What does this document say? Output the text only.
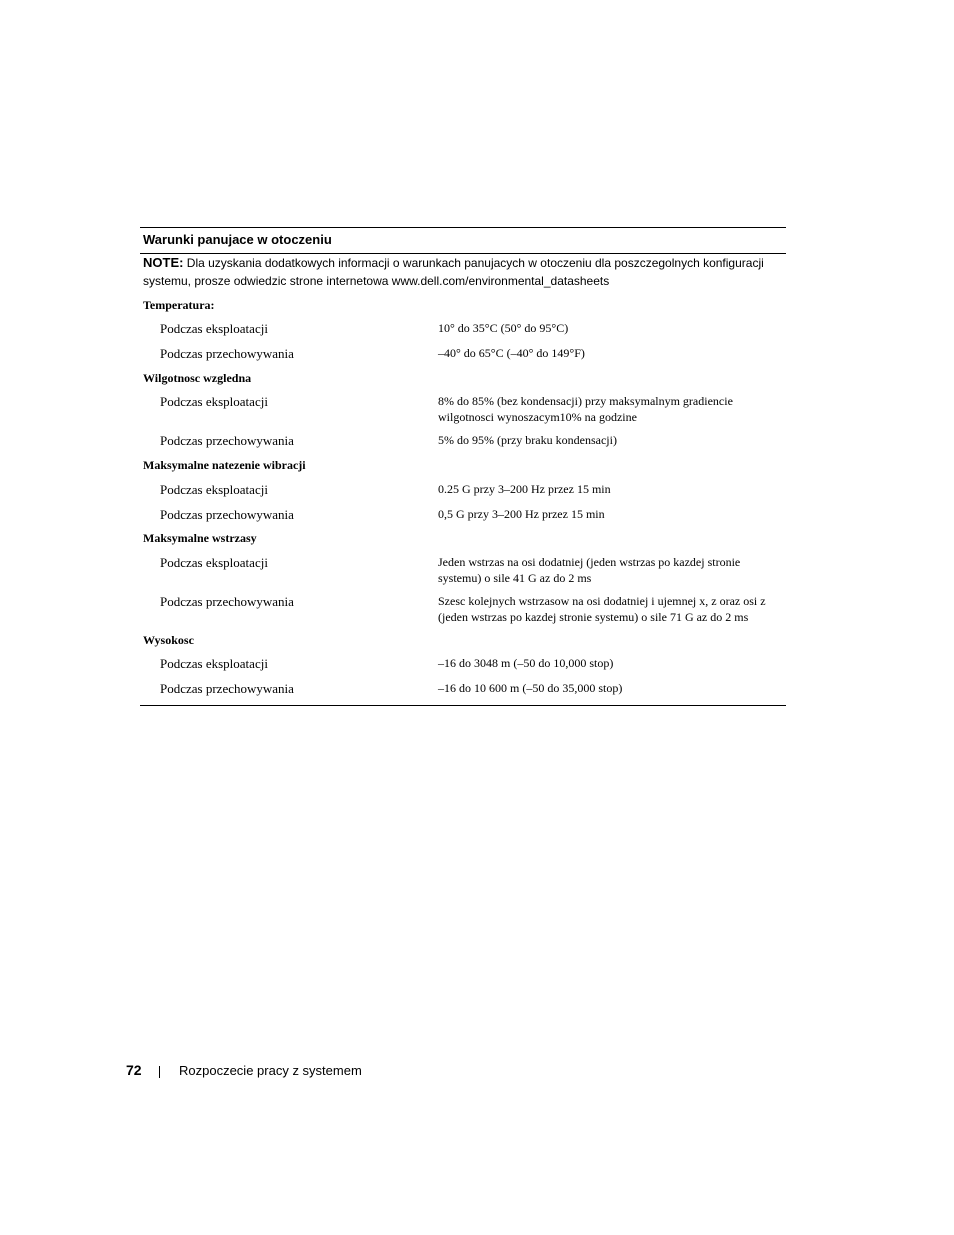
Warunki panujace w otoczeniu
NOTE: Dla uzyskania dodatkowych informacji o warunkach panujacych w otoczeniu dla poszczegolnych konfiguracji systemu, prosze odwiedzic strone internetowa www.dell.com/environmental_datasheets
Temperatura:
Podczas eksploatacji	10° do 35°C (50° do 95°C)
Podczas przechowywania	–40° do 65°C (–40° do 149°F)
Wilgotnosc wzgledna
Podczas eksploatacji	8% do 85% (bez kondensacji) przy maksymalnym gradiencie wilgotnosci wynoszacym10% na godzine
Podczas przechowywania	5% do 95% (przy braku kondensacji)
Maksymalne natezenie wibracji
Podczas eksploatacji	0.25 G przy 3–200 Hz przez 15 min
Podczas przechowywania	0,5 G przy 3–200 Hz przez 15 min
Maksymalne wstrzasy
Podczas eksploatacji	Jeden wstrzas na osi dodatniej (jeden wstrzas po kazdej stronie systemu) o sile 41 G az do 2 ms
Podczas przechowywania	Szesc kolejnych wstrzasow na osi dodatniej i ujemnej x, z oraz osi z (jeden wstrzas po kazdej stronie systemu) o sile 71 G az do 2 ms
Wysokosc
Podczas eksploatacji	–16 do 3048 m (–50 do 10,000 stop)
Podczas przechowywania	–16 do 10 600 m (–50 do 35,000 stop)
72	Rozpoczecie pracy z systemem
